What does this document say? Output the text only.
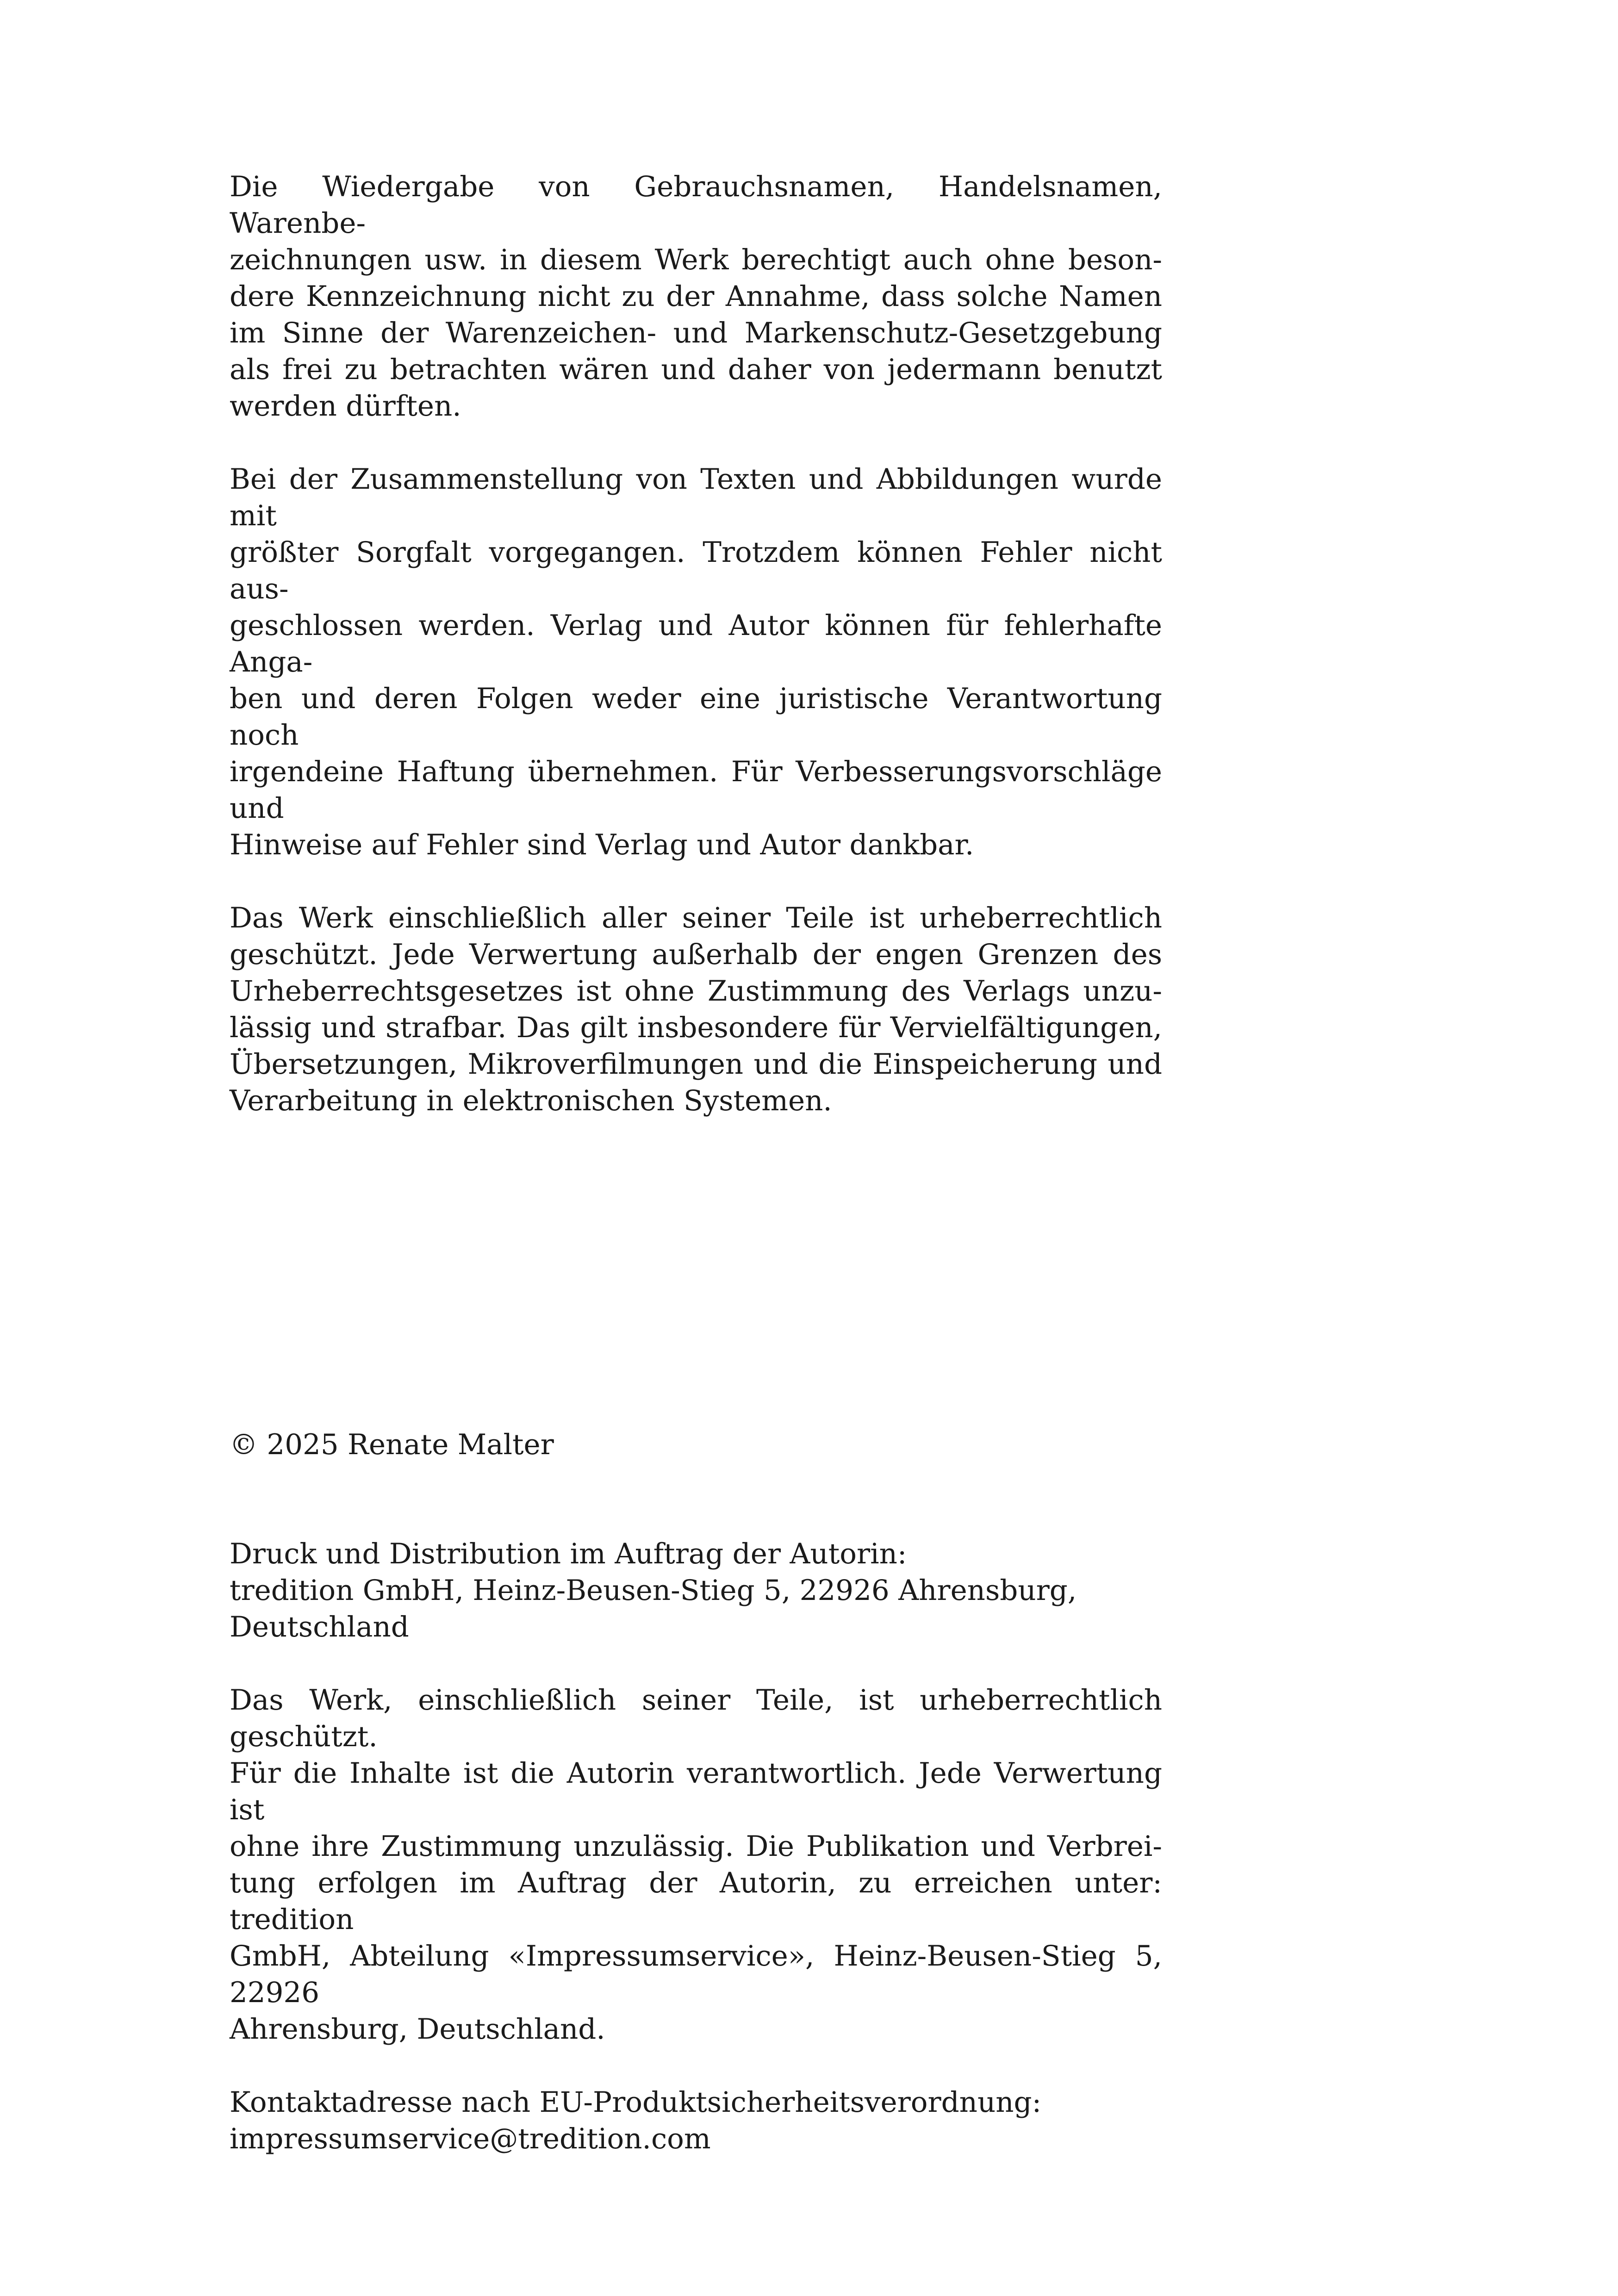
Die Wiedergabe von Gebrauchsnamen, Handelsnamen, Warenbe-
zeichnungen usw. in diesem Werk berechtigt auch ohne beson-
dere Kennzeichnung nicht zu der Annahme, dass solche Namen
im Sinne der Warenzeichen- und Markenschutz-Gesetzgebung
als frei zu betrachten wären und daher von jedermann benutzt
werden dürften.

Bei der Zusammenstellung von Texten und Abbildungen wurde mit
größter Sorgfalt vorgegangen. Trotzdem können Fehler nicht aus-
geschlossen werden. Verlag und Autor können für fehlerhafte Anga-
ben und deren Folgen weder eine juristische Verantwortung noch
irgendeine Haftung übernehmen. Für Verbesserungsvorschläge und
Hinweise auf Fehler sind Verlag und Autor dankbar.

Das Werk einschließlich aller seiner Teile ist urheberrechtlich
geschützt. Jede Verwertung außerhalb der engen Grenzen des
Urheberrechtsgesetzes ist ohne Zustimmung des Verlags unzu-
lässig und strafbar. Das gilt insbesondere für Vervielfältigungen,
Übersetzungen, Mikroverfilmungen und die Einspeicherung und
Verarbeitung in elektronischen Systemen.

© 2025 Renate Malter

Druck und Distribution im Auftrag der Autorin:
tredition GmbH, Heinz-Beusen-Stieg 5, 22926 Ahrensburg,
Deutschland

Das Werk, einschließlich seiner Teile, ist urheberrechtlich geschützt.
Für die Inhalte ist die Autorin verantwortlich. Jede Verwertung ist
ohne ihre Zustimmung unzulässig. Die Publikation und Verbrei-
tung erfolgen im Auftrag der Autorin, zu erreichen unter: tredition
GmbH, Abteilung «Impressumservice», Heinz-Beusen-Stieg 5, 22926
Ahrensburg, Deutschland.

Kontaktadresse nach EU-Produktsicherheitsverordnung:
impressumservice@tredition.com
